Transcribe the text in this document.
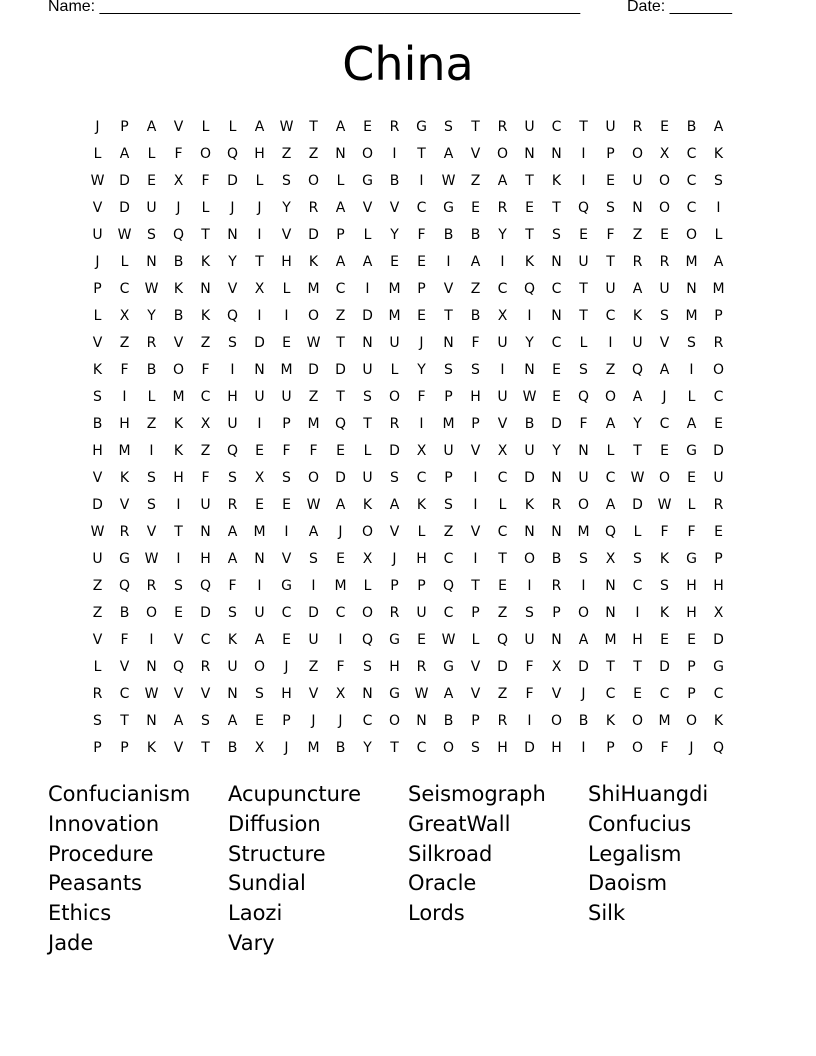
Name: ______________________________________________________	Date: _______
China
J	P	A	V	L	L	A	W	T	A	E	R	G	S	T	R	U	C	T	U	R	E	B	A
L	A	L	F	O	Q	H	Z	Z	N	O	I	T	A	V	O	N	N	I	P	O	X	C	K
W	D	E	X	F	D	L	S	O	L	G	B	I	W	Z	A	T	K	I	E	U	O	C	S
V	D	U	J	L	J	J	Y	R	A	V	V	C	G	E	R	E	T	Q	S	N	O	C	I
U	W	S	Q	T	N	I	V	D	P	L	Y	F	B	B	Y	T	S	E	F	Z	E	O	L
J	L	N	B	K	Y	T	H	K	A	A	E	E	I	A	I	K	N	U	T	R	R	M	A
P	C	W	K	N	V	X	L	M	C	I	M	P	V	Z	C	Q	C	T	U	A	U	N	M
L	X	Y	B	K	Q	I	I	O	Z	D	M	E	T	B	X	I	N	T	C	K	S	M	P
V	Z	R	V	Z	S	D	E	W	T	N	U	J	N	F	U	Y	C	L	I	U	V	S	R
K	F	B	O	F	I	N	M	D	D	U	L	Y	S	S	I	N	E	S	Z	Q	A	I	O
S	I	L	M	C	H	U	U	Z	T	S	O	F	P	H	U	W	E	Q	O	A	J	L	C
B	H	Z	K	X	U	I	P	M	Q	T	R	I	M	P	V	B	D	F	A	Y	C	A	E
H	M	I	K	Z	Q	E	F	F	E	L	D	X	U	V	X	U	Y	N	L	T	E	G	D
V	K	S	H	F	S	X	S	O	D	U	S	C	P	I	C	D	N	U	C	W	O	E	U
D	V	S	I	U	R	E	E	W	A	K	A	K	S	I	L	K	R	O	A	D	W	L	R
W	R	V	T	N	A	M	I	A	J	O	V	L	Z	V	C	N	N	M	Q	L	F	F	E
U	G	W	I	H	A	N	V	S	E	X	J	H	C	I	T	O	B	S	X	S	K	G	P
Z	Q	R	S	Q	F	I	G	I	M	L	P	P	Q	T	E	I	R	I	N	C	S	H	H
Z	B	O	E	D	S	U	C	D	C	O	R	U	C	P	Z	S	P	O	N	I	K	H	X
V	F	I	V	C	K	A	E	U	I	Q	G	E	W	L	Q	U	N	A	M	H	E	E	D
L	V	N	Q	R	U	O	J	Z	F	S	H	R	G	V	D	F	X	D	T	T	D	P	G
R	C	W	V	V	N	S	H	V	X	N	G	W	A	V	Z	F	V	J	C	E	C	P	C
S	T	N	A	S	A	E	P	J	J	C	O	N	B	P	R	I	O	B	K	O	M	O	K
P	P	K	V	T	B	X	J	M	B	Y	T	C	O	S	H	D	H	I	P	O	F	J	Q
Confucianism	Acupuncture	Seismograph	ShiHuangdi
Innovation	Diffusion	GreatWall	Confucius
Procedure	Structure	Silkroad	Legalism
Peasants	Sundial	Oracle	Daoism
Ethics	Laozi	Lords	Silk
Jade	Vary
